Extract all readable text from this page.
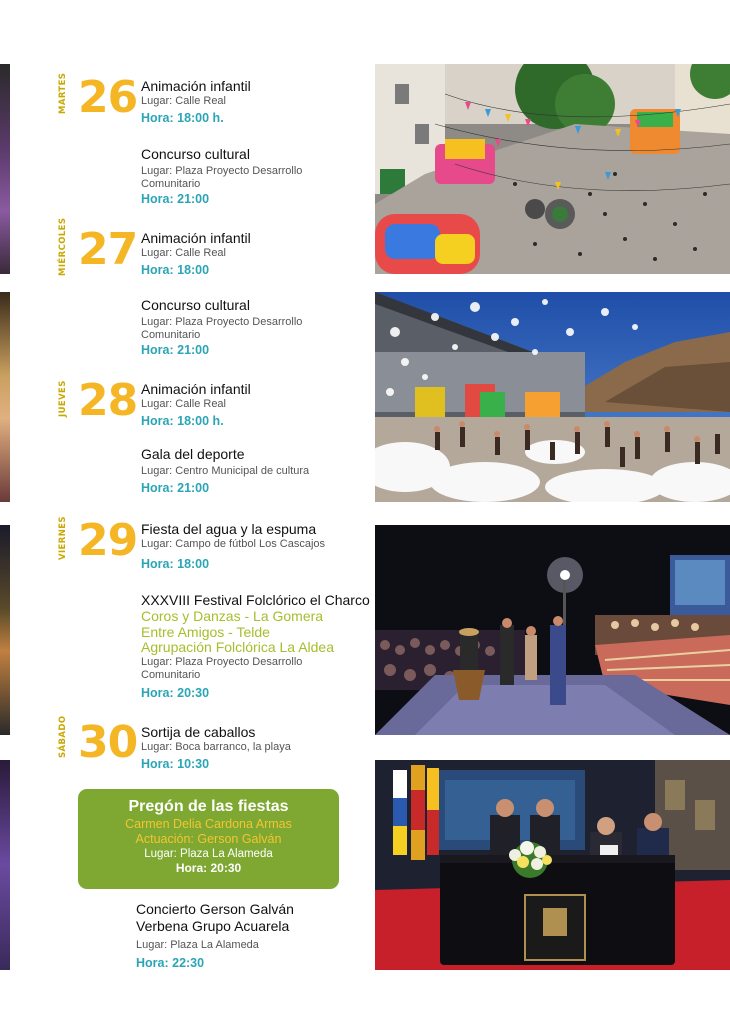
MARTES 26 Animación infantil
Lugar: Calle Real
Hora: 18:00 h.
Concurso cultural
Lugar: Plaza Proyecto Desarrollo
Comunitario
Hora: 21:00
MIÉRCOLES 27 Animación infantil
Lugar: Calle Real
Hora: 18:00
Concurso cultural
Lugar: Plaza Proyecto Desarrollo
Comunitario
Hora: 21:00
JUEVES 28 Animación infantil
Lugar: Calle Real
Hora: 18:00 h.
Gala del deporte
Lugar: Centro Municipal de cultura
Hora: 21:00
VIERNES 29 Fiesta del agua y la espuma
Lugar: Campo de fútbol Los Cascajos
Hora: 18:00
XXXVIII Festival Folclórico el Charco
Coros y Danzas - La Gomera
Entre Amigos - Telde
Agrupación Folclórica La Aldea
Lugar: Plaza Proyecto Desarrollo
Comunitario
Hora: 20:30
SÁBADO 30 Sortija de caballos
Lugar: Boca barranco, la playa
Hora: 10:30
Pregón de las fiestas
Carmen Delia Cardona Armas
Actuación: Gerson Galván
Lugar: Plaza La Alameda
Hora: 20:30
Concierto Gerson Galván
Verbena Grupo Acuarela
Lugar: Plaza La Alameda
Hora: 22:30
